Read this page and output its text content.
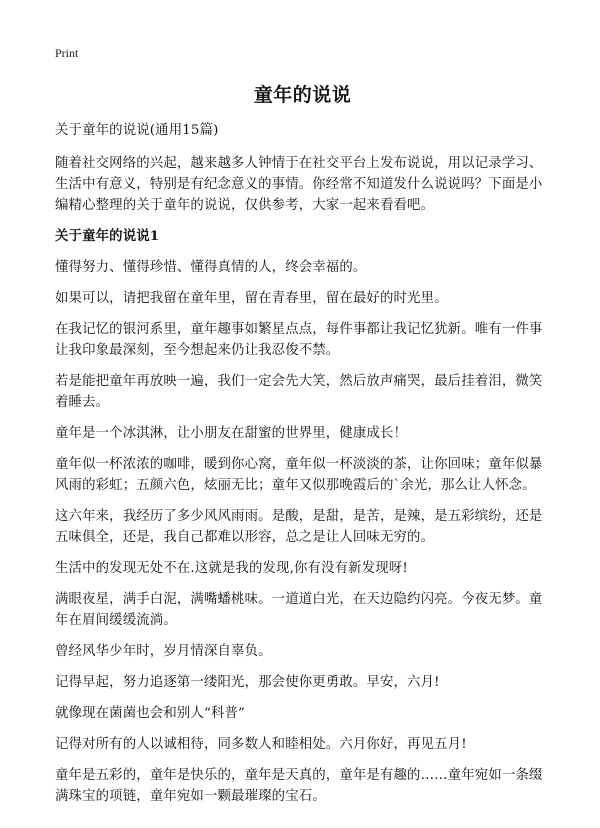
Print
童年的说说

关于童年的说说(通用15篇)

随着社交网络的兴起，越来越多人钟情于在社交平台上发布说说，用以记录学习、生活中有意义，特别是有纪念意义的事情。你经常不知道发什么说说吗？下面是小编精心整理的关于童年的说说，仅供参考，大家一起来看看吧。

关于童年的说说1

懂得努力、懂得珍惜、懂得真情的人，终会幸福的。

如果可以，请把我留在童年里，留在青春里，留在最好的时光里。

在我记忆的银河系里，童年趣事如繁星点点，每件事都让我记忆犹新。唯有一件事让我印象最深刻，至今想起来仍让我忍俊不禁。

若是能把童年再放映一遍，我们一定会先大笑，然后放声痛哭，最后挂着泪，微笑着睡去。

童年是一个冰淇淋，让小朋友在甜蜜的世界里，健康成长！

童年似一杯浓浓的咖啡，暖到你心窝，童年似一杯淡淡的茶，让你回味；童年似暴风雨的彩虹；五颜六色，炫丽无比；童年又似那晚霞后的`余光，那么让人怀念。

这六年来，我经历了多少风风雨雨。是酸，是甜，是苦，是辣，是五彩缤纷，还是五味俱全，还是，我自己都难以形容，总之是让人回味无穷的。

生活中的发现无处不在.这就是我的发现,你有没有新发现呀!

满眼夜星，满手白泥，满嘴蟠桃味。一道道白光，在天边隐约闪亮。今夜无梦。童年在眉间缓缓流淌。

曾经风华少年时，岁月情深自辜负。

记得早起，努力追逐第一缕阳光，那会使你更勇敢。早安，六月!

就像现在菌菌也会和别人“科普”

记得对所有的人以诚相待，同多数人和睦相处。六月你好，再见五月!

童年是五彩的，童年是快乐的，童年是天真的，童年是有趣的……童年宛如一条缀满珠宝的项链，童年宛如一颗最璀璨的宝石。
